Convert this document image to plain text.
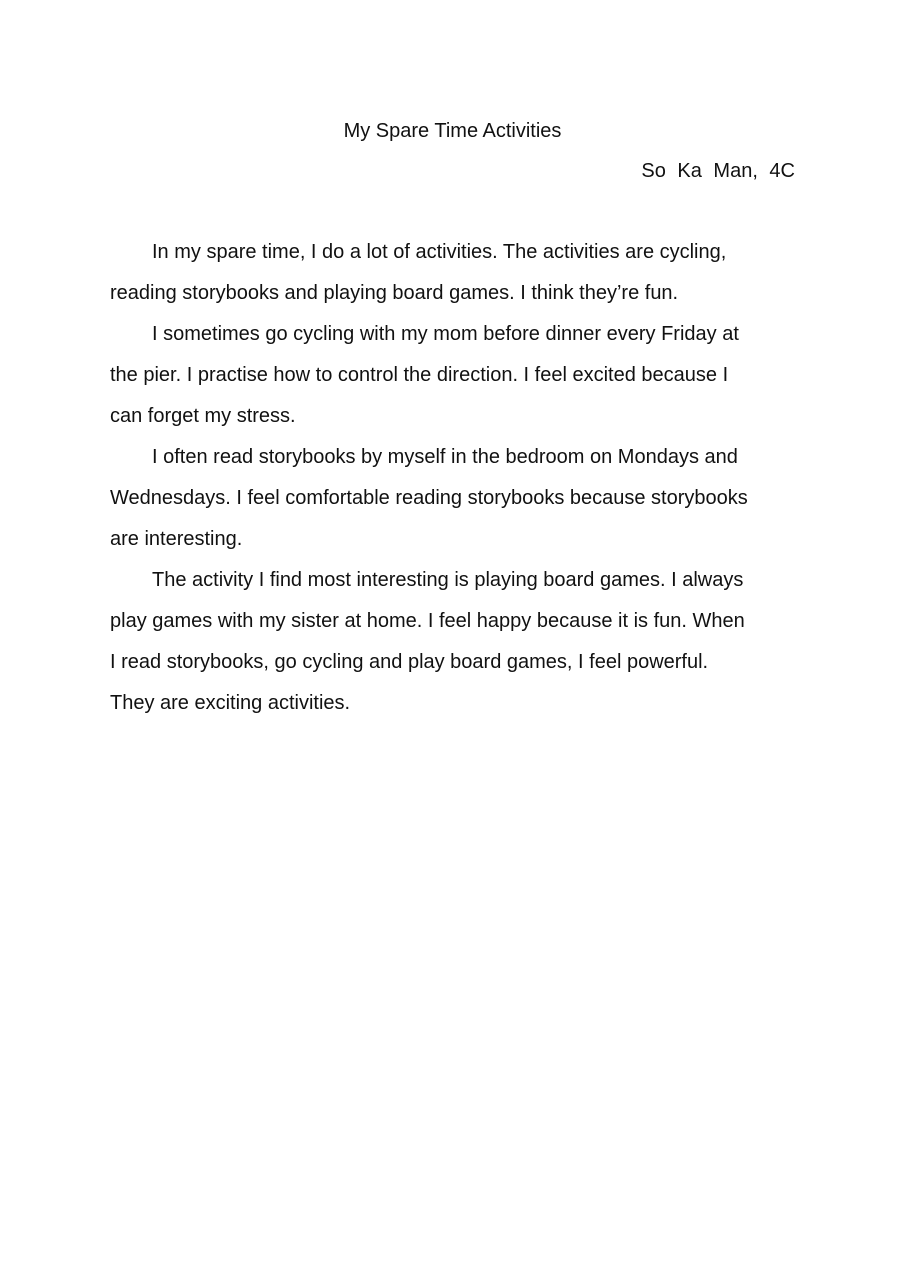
My Spare Time Activities
So Ka Man, 4C

In my spare time, I do a lot of activities. The activities are cycling,
reading storybooks and playing board games. I think they’re fun.

I sometimes go cycling with my mom before dinner every Friday at
the pier. I practise how to control the direction. I feel excited because I
can forget my stress.

I often read storybooks by myself in the bedroom on Mondays and
Wednesdays. I feel comfortable reading storybooks because storybooks
are interesting.

The activity I find most interesting is playing board games. I always
play games with my sister at home. I feel happy because it is fun. When
I read storybooks, go cycling and play board games, I feel powerful.
They are exciting activities.
